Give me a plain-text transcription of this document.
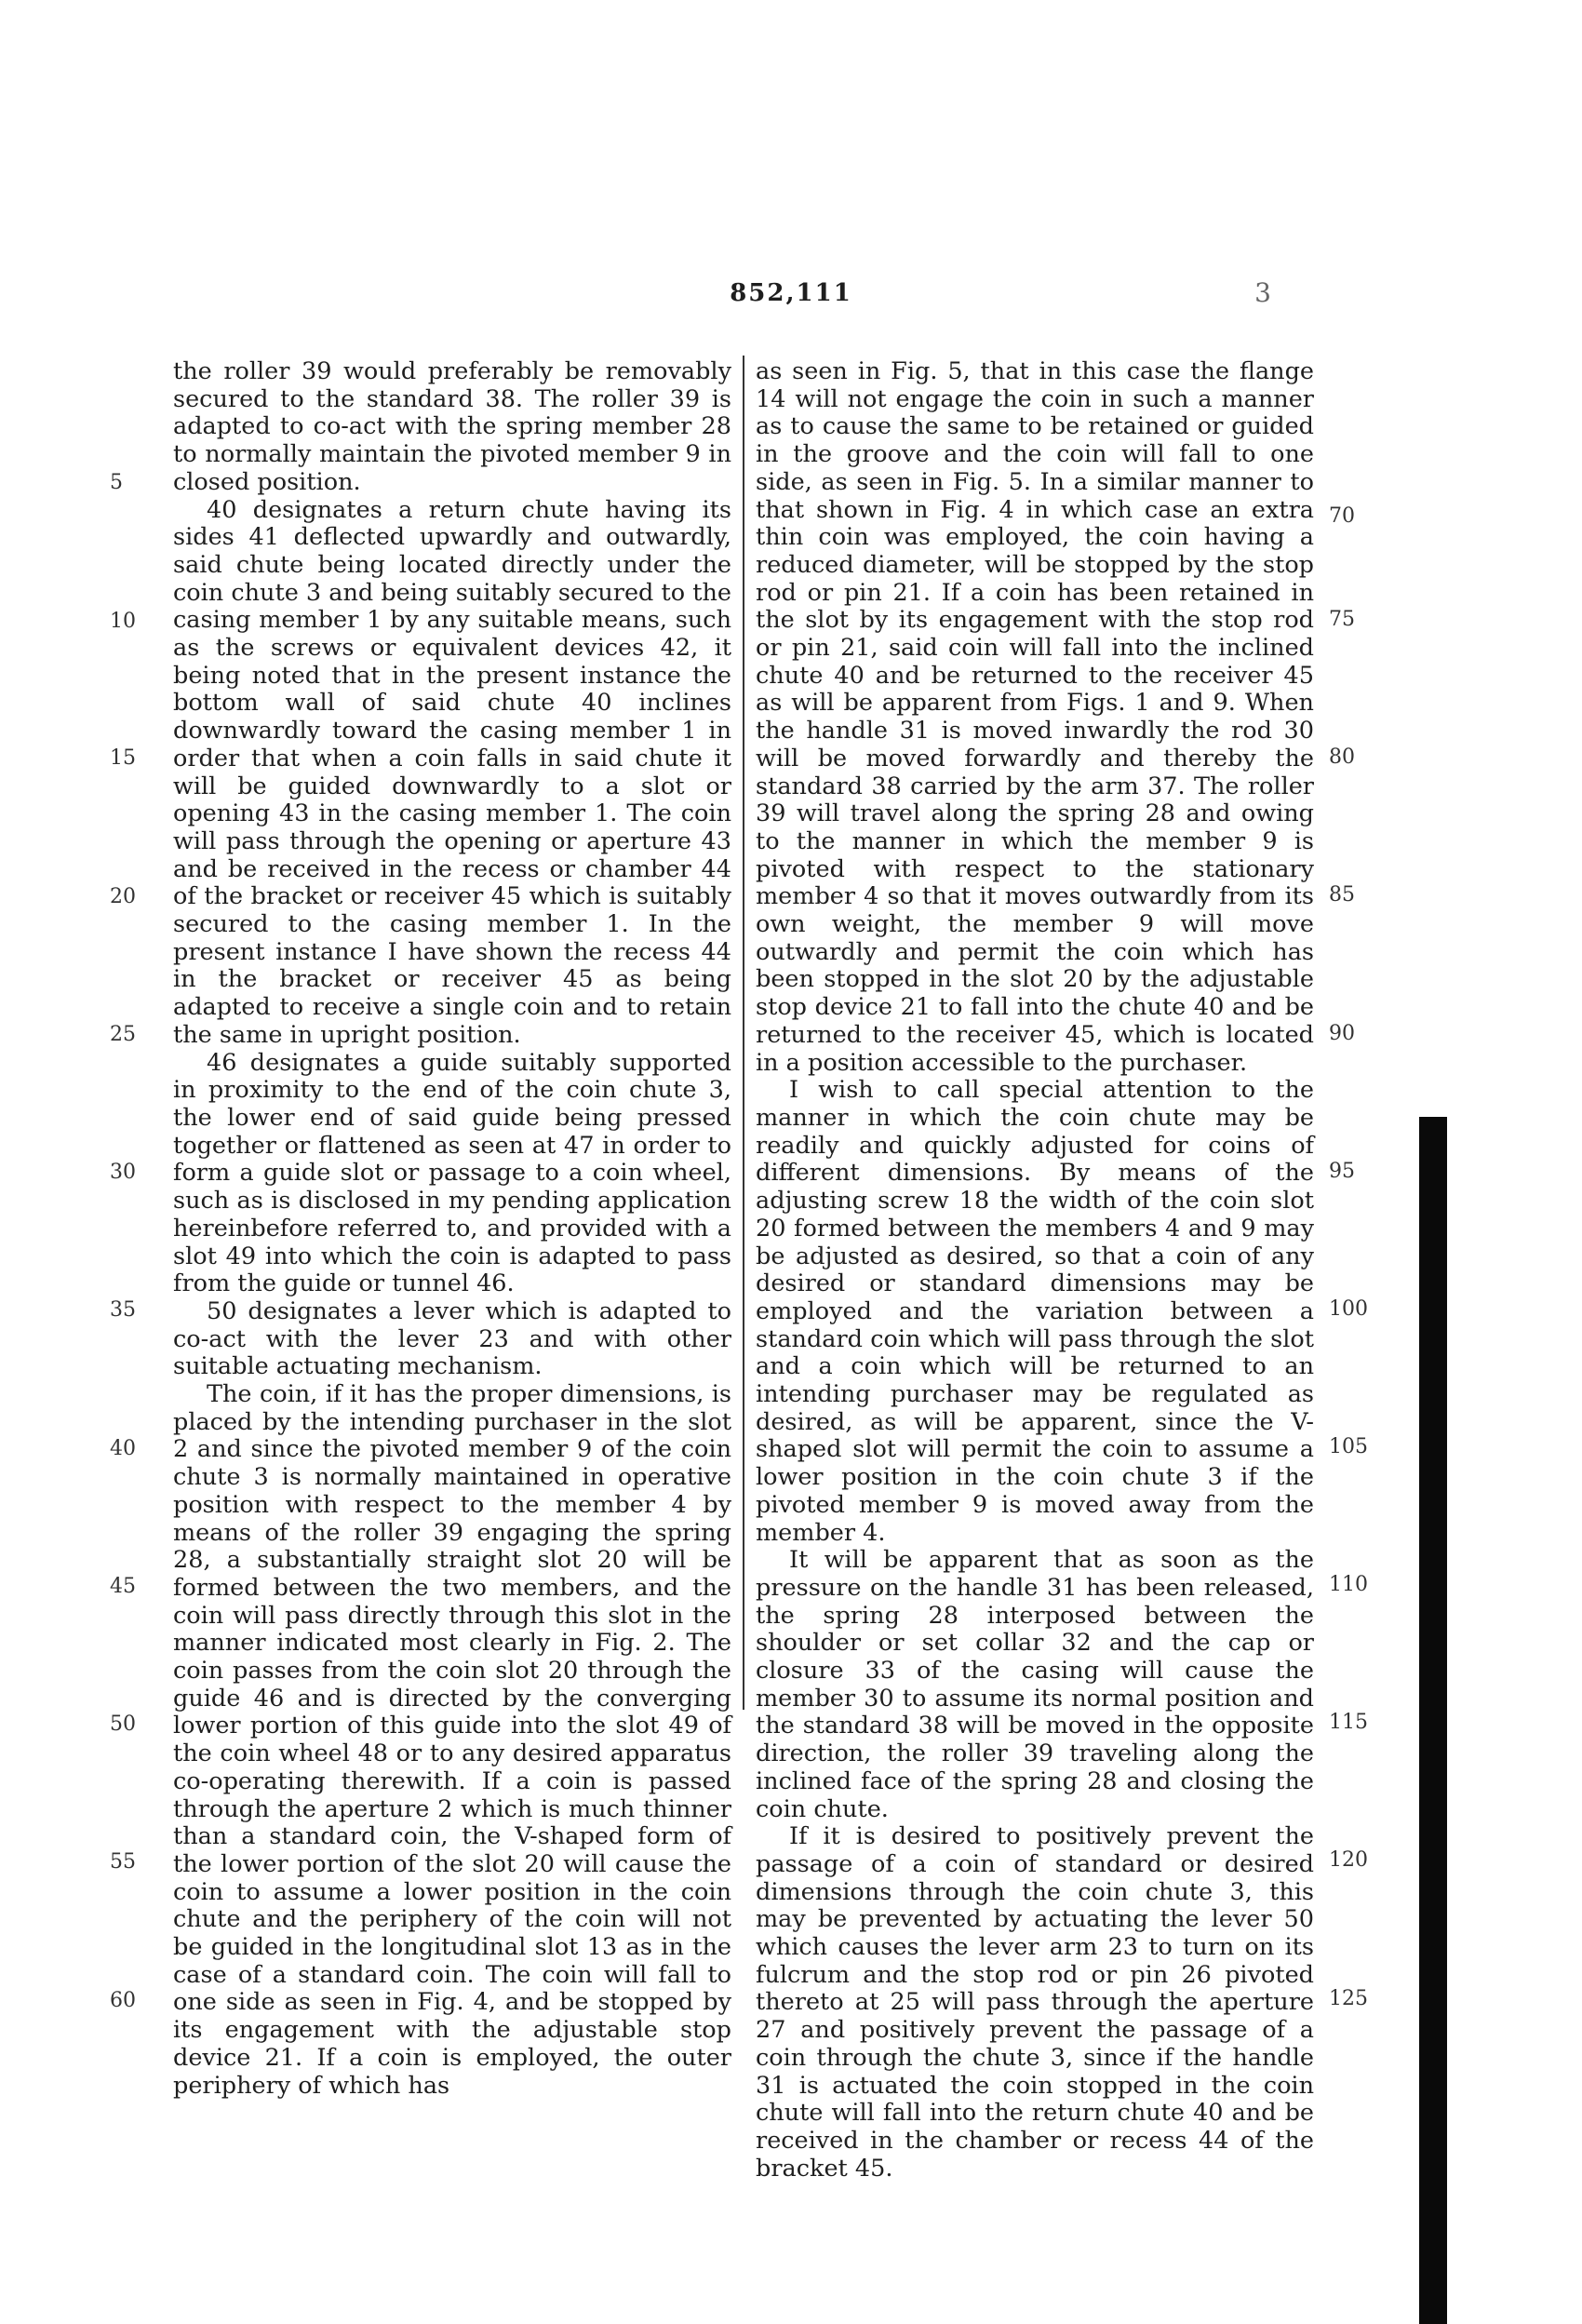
852,111	3

the roller 39 would preferably be removably secured to the standard 38. The roller 39 is adapted to co-act with the spring member 28 to normally maintain the pivoted member 9 in closed position.

40 designates a return chute having its sides 41 deflected upwardly and outwardly, said chute being located directly under the coin chute 3 and being suitably secured to the casing member 1 by any suitable means, such as the screws or equivalent devices 42, it being noted that in the present instance the bottom wall of said chute 40 inclines downwardly toward the casing member 1 in order that when a coin falls in said chute it will be guided downwardly to a slot or opening 43 in the casing member 1. The coin will pass through the opening or aperture 43 and be received in the recess or chamber 44 of the bracket or receiver 45 which is suitably secured to the casing member 1. In the present instance I have shown the recess 44 in the bracket or receiver 45 as being adapted to receive a single coin and to retain the same in upright position.

46 designates a guide suitably supported in proximity to the end of the coin chute 3, the lower end of said guide being pressed together or flattened as seen at 47 in order to form a guide slot or passage to a coin wheel, such as is disclosed in my pending application hereinbefore referred to, and provided with a slot 49 into which the coin is adapted to pass from the guide or tunnel 46.

50 designates a lever which is adapted to co-act with the lever 23 and with other suitable actuating mechanism.

The coin, if it has the proper dimensions, is placed by the intending purchaser in the slot 2 and since the pivoted member 9 of the coin chute 3 is normally maintained in operative position with respect to the member 4 by means of the roller 39 engaging the spring 28, a substantially straight slot 20 will be formed between the two members, and the coin will pass directly through this slot in the manner indicated most clearly in Fig. 2. The coin passes from the coin slot 20 through the guide 46 and is directed by the converging lower portion of this guide into the slot 49 of the coin wheel 48 or to any desired apparatus co-operating therewith. If a coin is passed through the aperture 2 which is much thinner than a standard coin, the V-shaped form of the lower portion of the slot 20 will cause the coin to assume a lower position in the coin chute and the periphery of the coin will not be guided in the longitudinal slot 13 as in the case of a standard coin. The coin will fall to one side as seen in Fig. 4, and be stopped by its engagement with the adjustable stop device 21. If a coin is employed, the outer periphery of which has

as seen in Fig. 5, that in this case the flange 14 will not engage the coin in such a manner as to cause the same to be retained or guided in the groove and the coin will fall to one side, as seen in Fig. 5. In a similar manner to that shown in Fig. 4 in which case an extra thin coin was employed, the coin having a reduced diameter, will be stopped by the stop rod or pin 21. If a coin has been retained in the slot by its engagement with the stop rod or pin 21, said coin will fall into the inclined chute 40 and be returned to the receiver 45 as will be apparent from Figs. 1 and 9. When the handle 31 is moved inwardly the rod 30 will be moved forwardly and thereby the standard 38 carried by the arm 37. The roller 39 will travel along the spring 28 and owing to the manner in which the member 9 is pivoted with respect to the stationary member 4 so that it moves outwardly from its own weight, the member 9 will move outwardly and permit the coin which has been stopped in the slot 20 by the adjustable stop device 21 to fall into the chute 40 and be returned to the receiver 45, which is located in a position accessible to the purchaser.

I wish to call special attention to the manner in which the coin chute may be readily and quickly adjusted for coins of different dimensions. By means of the adjusting screw 18 the width of the coin slot 20 formed between the members 4 and 9 may be adjusted as desired, so that a coin of any desired or standard dimensions may be employed and the variation between a standard coin which will pass through the slot and a coin which will be returned to an intending purchaser may be regulated as desired, as will be apparent, since the V-shaped slot will permit the coin to assume a lower position in the coin chute 3 if the pivoted member 9 is moved away from the member 4.

It will be apparent that as soon as the pressure on the handle 31 has been released, the spring 28 interposed between the shoulder or set collar 32 and the cap or closure 33 of the casing will cause the member 30 to assume its normal position and the standard 38 will be moved in the opposite direction, the roller 39 traveling along the inclined face of the spring 28 and closing the coin chute.

If it is desired to positively prevent the passage of a coin of standard or desired dimensions through the coin chute 3, this may be prevented by actuating the lever 50 which causes the lever arm 23 to turn on its fulcrum and the stop rod or pin 26 pivoted thereto at 25 will pass through the aperture 27 and positively prevent the passage of a coin through the chute 3, since if the handle 31 is actuated the coin stopped in the coin chute will fall into the return chute 40 and be received in the chamber or recess 44 of the bracket 45.

5
10
15
20
25
30
35
40
45
50
55
60
70
75
80
85
90
95
100
105
110
115
120
125
